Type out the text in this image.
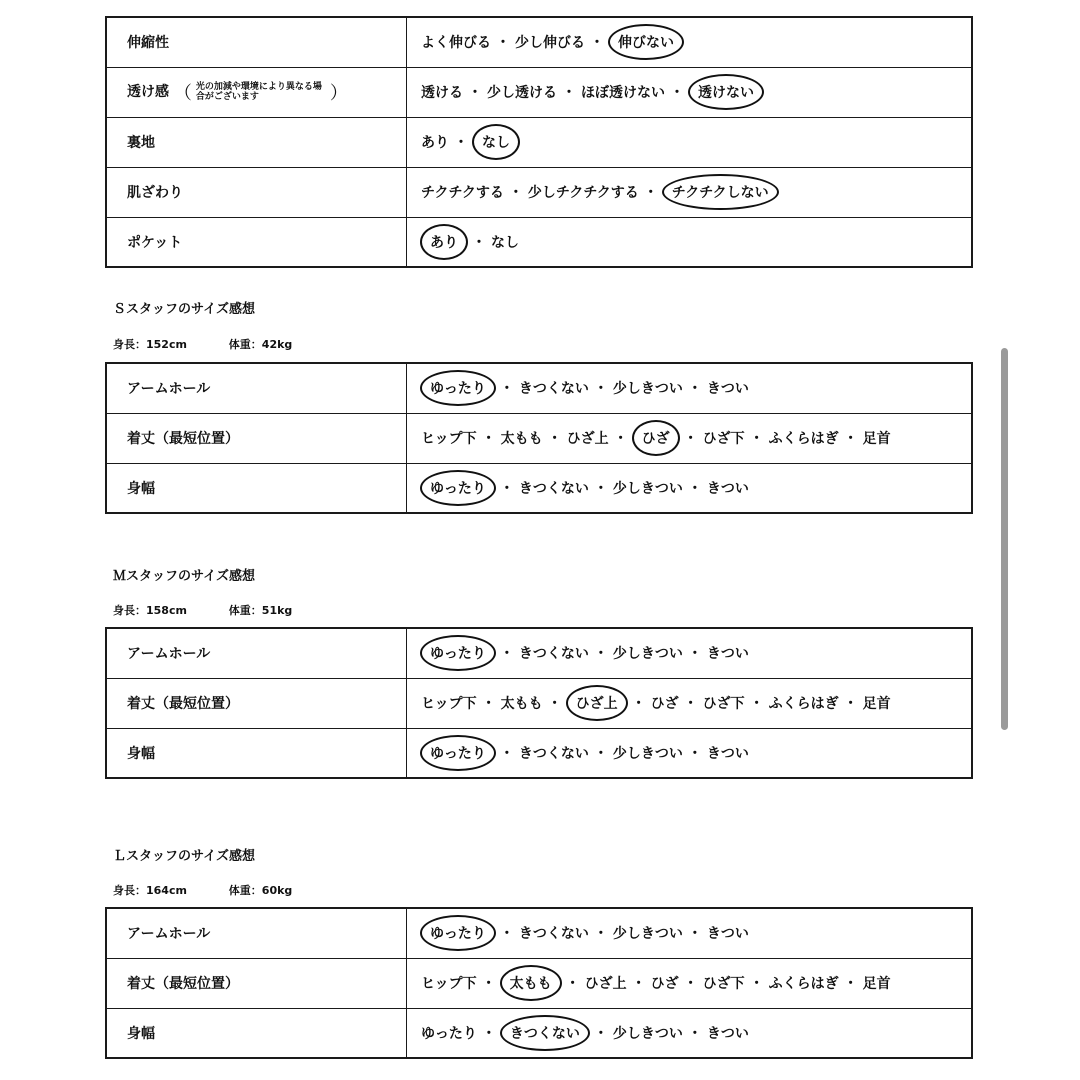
伸縮性	よく伸びる ・ 少し伸びる ・ 伸びない
透け感 （ 光の加減や環境により異なる場合がございます ）	透ける ・ 少し透ける ・ ほぼ透けない ・ 透けない
裏地	あり ・ なし
肌ざわり	チクチクする ・ 少しチクチクする ・ チクチクしない
ポケット	あり ・ なし
Ｓスタッフのサイズ感想
身長：152cm	体重：42kg
アームホール	ゆったり ・ きつくない ・ 少しきつい ・ きつい
着丈（最短位置）	ヒップ下 ・ 太もも ・ ひざ上 ・ ひざ ・ ひざ下 ・ ふくらはぎ ・ 足首
身幅	ゆったり ・ きつくない ・ 少しきつい ・ きつい
Ｍスタッフのサイズ感想
身長：158cm	体重：51kg
アームホール	ゆったり ・ きつくない ・ 少しきつい ・ きつい
着丈（最短位置）	ヒップ下 ・ 太もも ・ ひざ上 ・ ひざ ・ ひざ下 ・ ふくらはぎ ・ 足首
身幅	ゆったり ・ きつくない ・ 少しきつい ・ きつい
Ｌスタッフのサイズ感想
身長：164cm	体重：60kg
アームホール	ゆったり ・ きつくない ・ 少しきつい ・ きつい
着丈（最短位置）	ヒップ下 ・ 太もも ・ ひざ上 ・ ひざ ・ ひざ下 ・ ふくらはぎ ・ 足首
身幅	ゆったり ・ きつくない ・ 少しきつい ・ きつい
